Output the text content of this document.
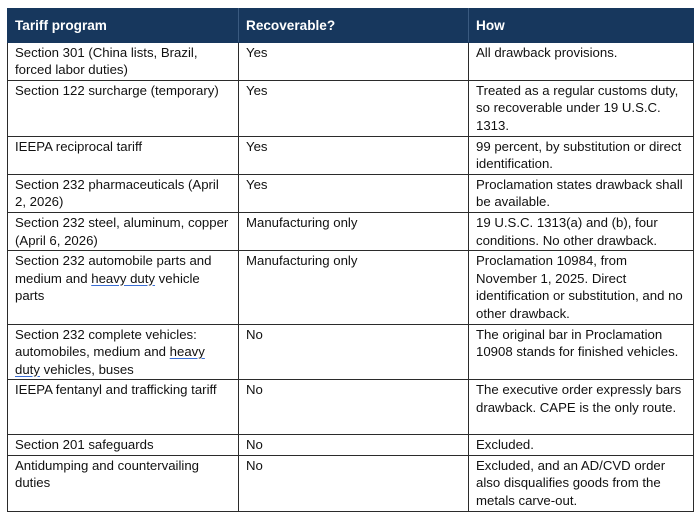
Tariff program	Recoverable?	How
Section 301 (China lists, Brazil, forced labor duties)	Yes	All drawback provisions.
Section 122 surcharge (temporary)	Yes	Treated as a regular customs duty, so recoverable under 19 U.S.C. 1313.
IEEPA reciprocal tariff	Yes	99 percent, by substitution or direct identification.
Section 232 pharmaceuticals (April 2, 2026)	Yes	Proclamation states drawback shall be available.
Section 232 steel, aluminum, copper (April 6, 2026)	Manufacturing only	19 U.S.C. 1313(a) and (b), four conditions. No other drawback.
Section 232 automobile parts and medium and heavy duty vehicle parts	Manufacturing only	Proclamation 10984, from November 1, 2025. Direct identification or substitution, and no other drawback.
Section 232 complete vehicles: automobiles, medium and heavy duty vehicles, buses	No	The original bar in Proclamation 10908 stands for finished vehicles.
IEEPA fentanyl and trafficking tariff	No	The executive order expressly bars drawback. CAPE is the only route.
Section 201 safeguards	No	Excluded.
Antidumping and countervailing duties	No	Excluded, and an AD/CVD order also disqualifies goods from the metals carve-out.
